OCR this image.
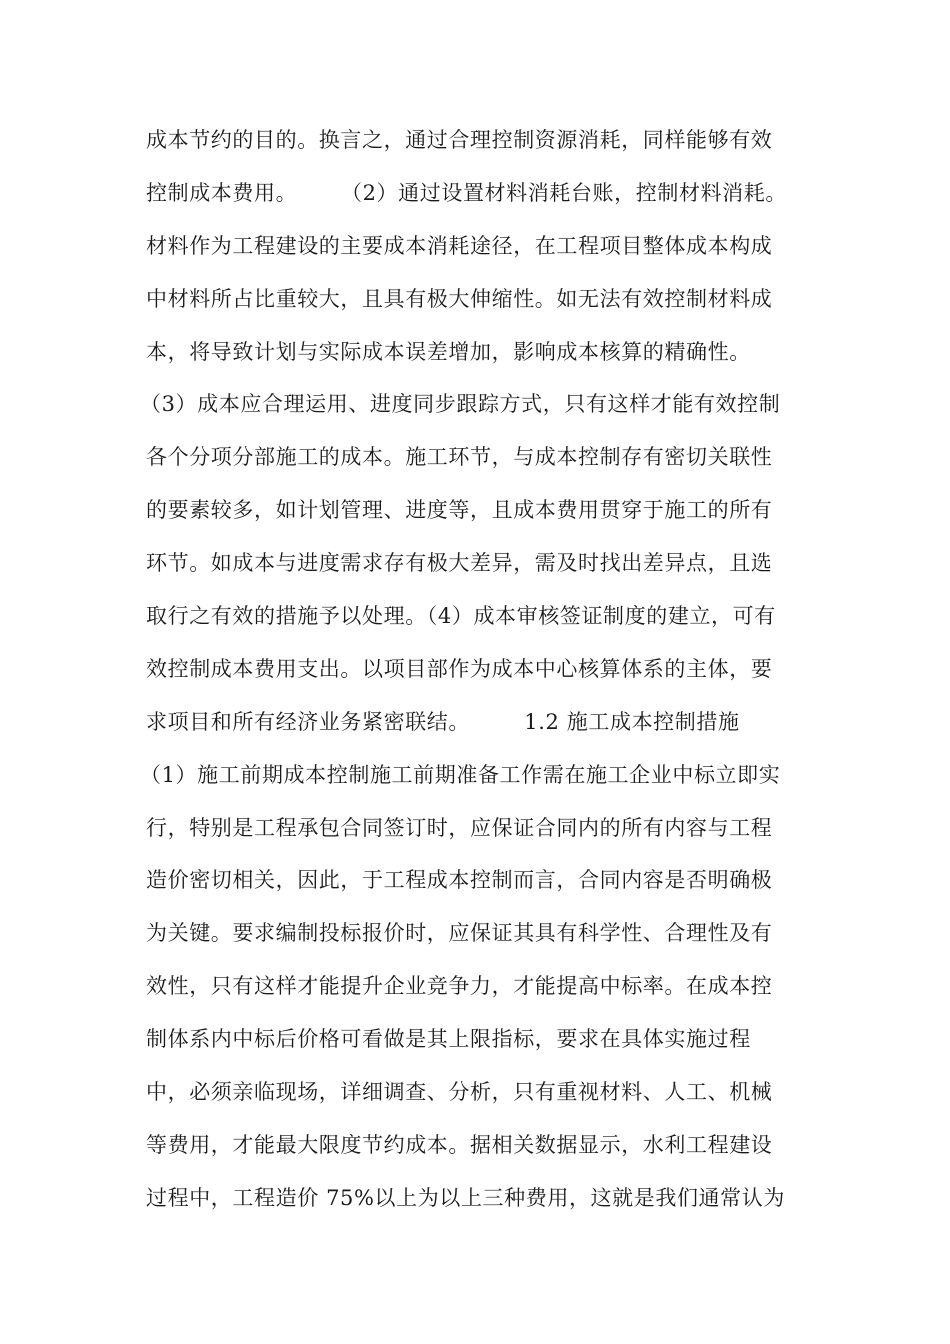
成本节约的目的。换言之，通过合理控制资源消耗，同样能够有效
控制成本费用。　　　（2）通过设置材料消耗台账，控制材料消耗。
材料作为工程建设的主要成本消耗途径，在工程项目整体成本构成
中材料所占比重较大，且具有极大伸缩性。如无法有效控制材料成
本，将导致计划与实际成本误差增加，影响成本核算的精确性。
（3）成本应合理运用、进度同步跟踪方式，只有这样才能有效控制
各个分项分部施工的成本。施工环节，与成本控制存有密切关联性
的要素较多，如计划管理、进度等，且成本费用贯穿于施工的所有
环节。如成本与进度需求存有极大差异，需及时找出差异点，且选
取行之有效的措施予以处理。（4）成本审核签证制度的建立，可有
效控制成本费用支出。以项目部作为成本中心核算体系的主体，要
求项目和所有经济业务紧密联结。　　　1.2 施工成本控制措施
（1）施工前期成本控制施工前期准备工作需在施工企业中标立即实
行，特别是工程承包合同签订时，应保证合同内的所有内容与工程
造价密切相关，因此，于工程成本控制而言，合同内容是否明确极
为关键。要求编制投标报价时，应保证其具有科学性、合理性及有
效性，只有这样才能提升企业竞争力，才能提高中标率。在成本控
制体系内中标后价格可看做是其上限指标，要求在具体实施过程
中，必须亲临现场，详细调查、分析，只有重视材料、人工、机械
等费用，才能最大限度节约成本。据相关数据显示，水利工程建设
过程中，工程造价 75%以上为以上三种费用，这就是我们通常认为
